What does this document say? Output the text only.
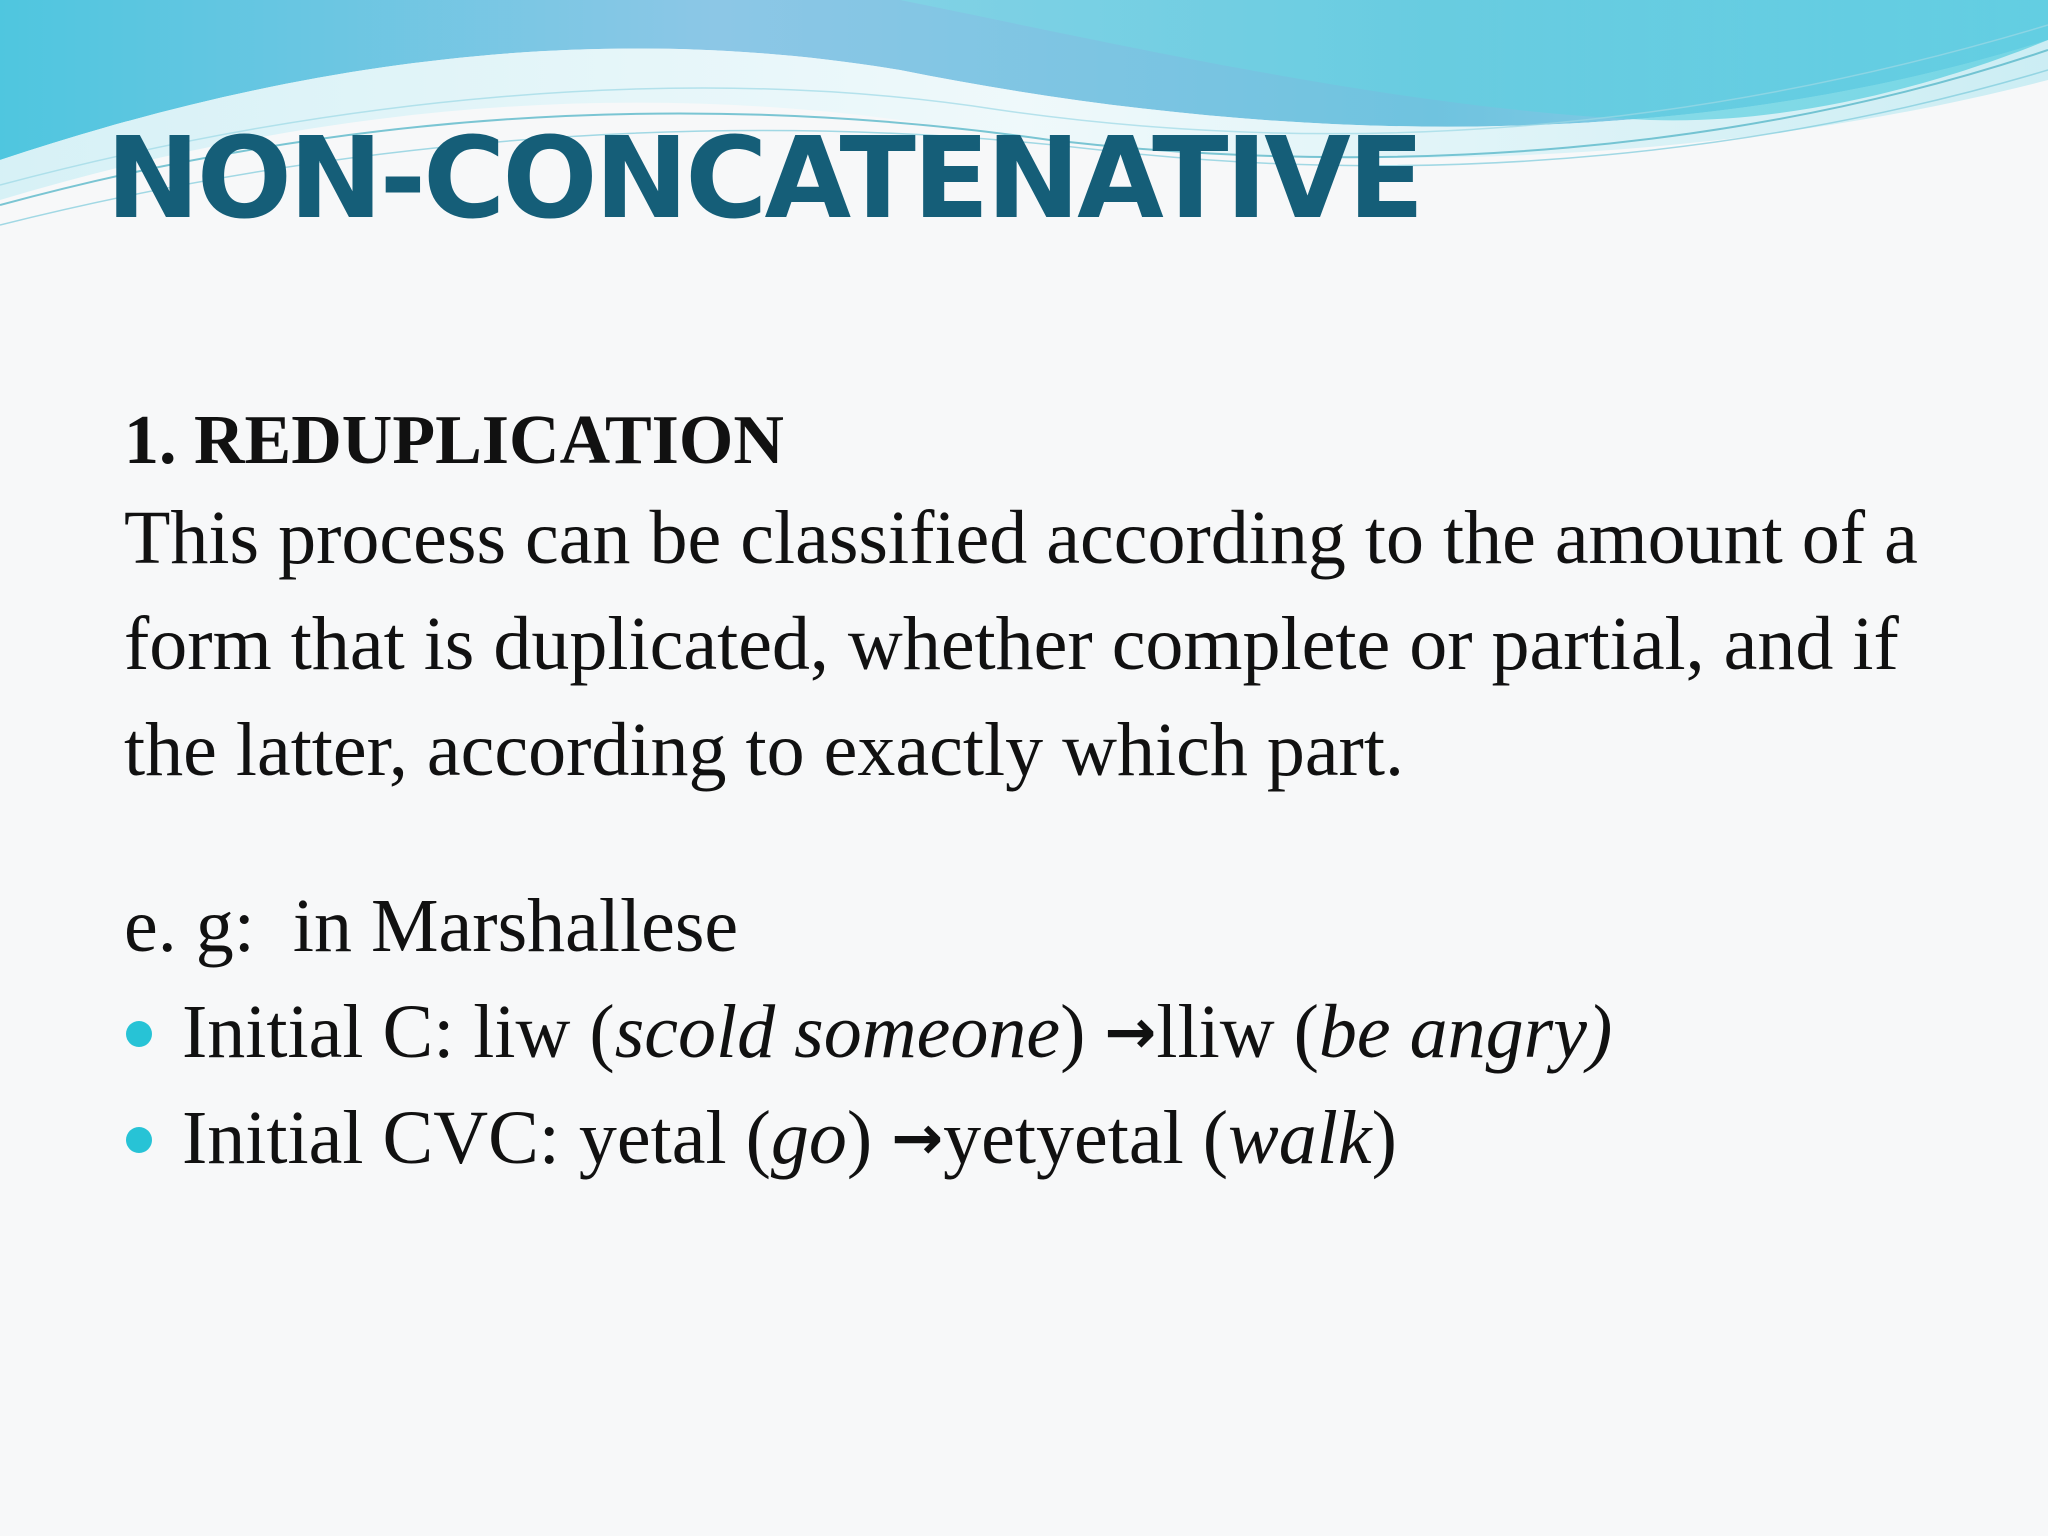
NON-CONCATENATIVE

1. REDUPLICATION

This process can be classified according to the amount of a form that is duplicated, whether complete or partial, and if the latter, according to exactly which part.

e. g:  in Marshallese

Initial C: liw (scold someone) →lliw (be angry)
Initial CVC: yetal (go) →yetyetal (walk)
